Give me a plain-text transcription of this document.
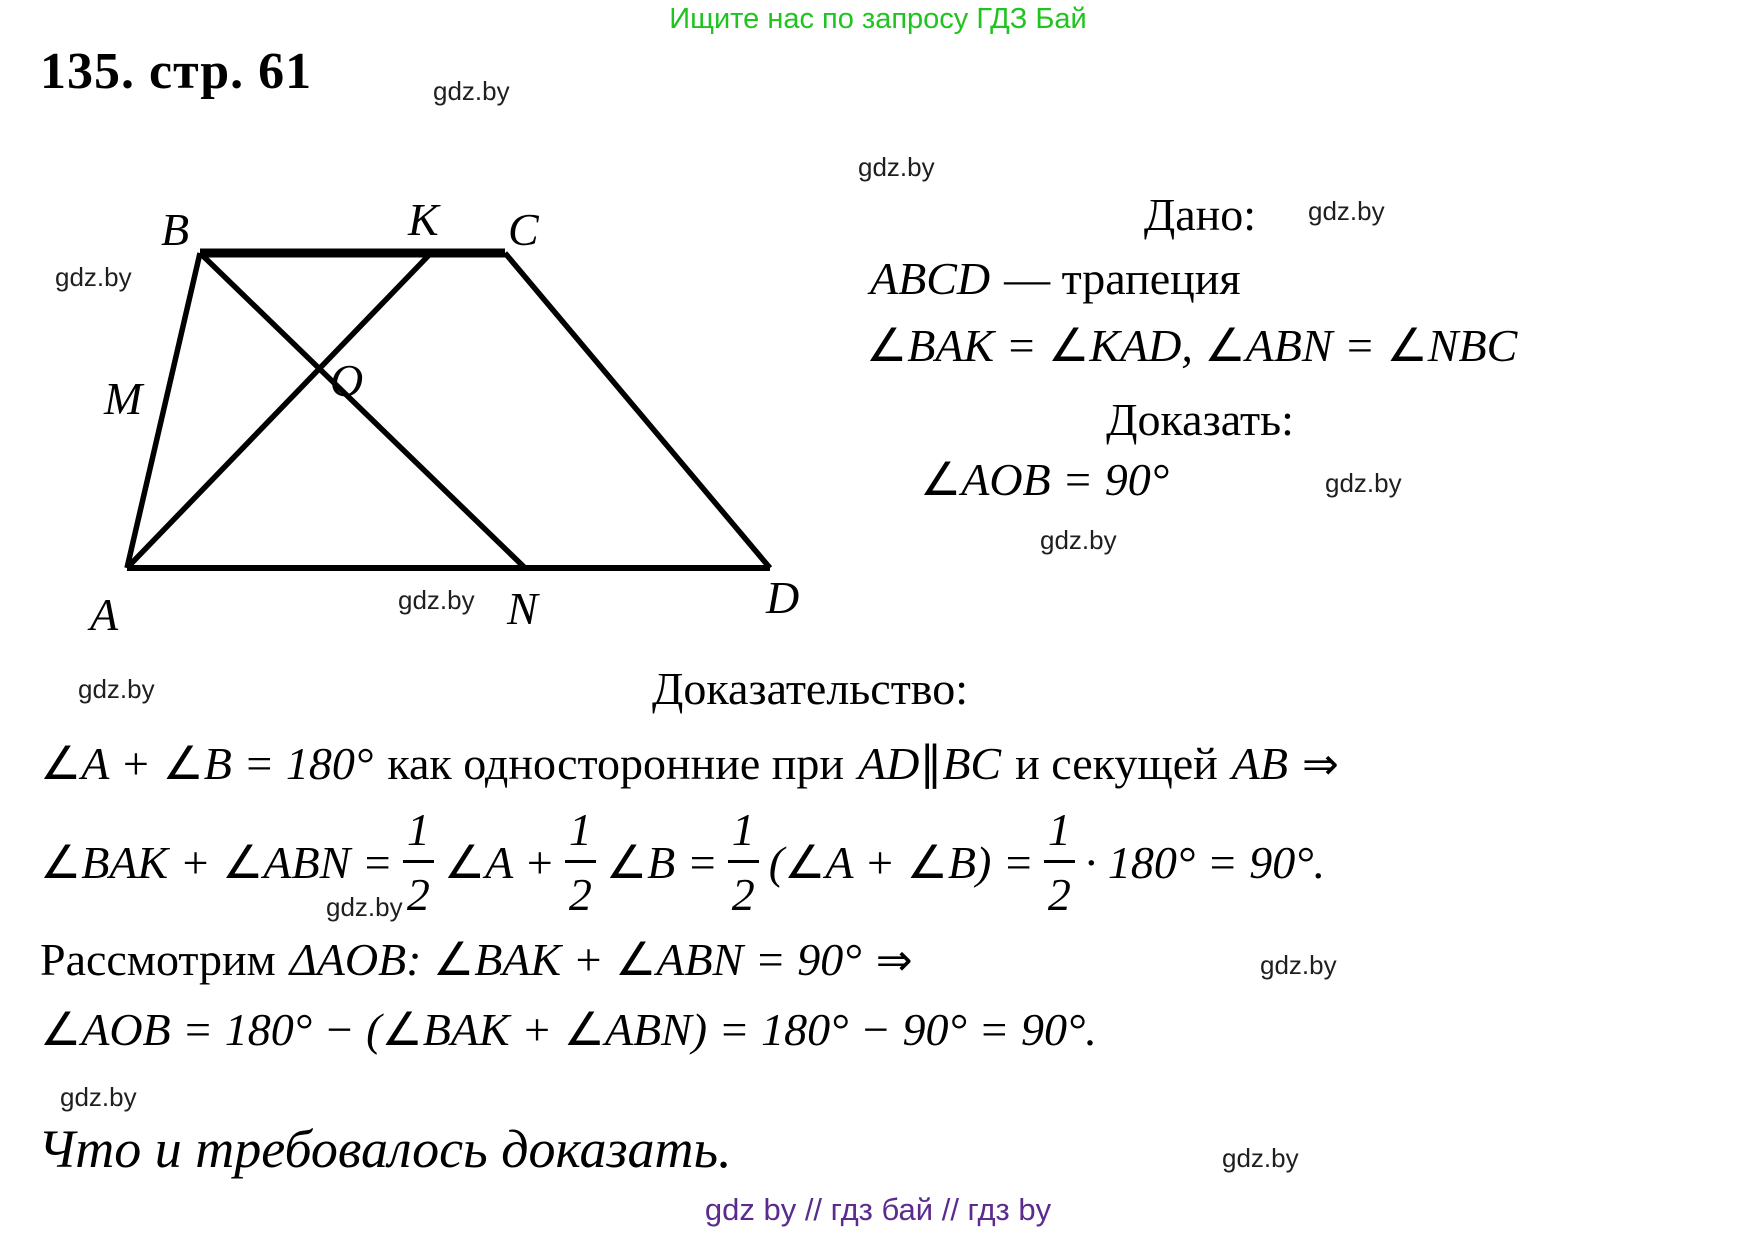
Ищите нас по запросу ГДЗ Бай
135. стр. 61	gdz.by
gdz.by
gdz.by
gdz.by
gdz.by
gdz.by
gdz.by
gdz.by
gdz.by
gdz.by
gdz.by
gdz.by
A
B	C
D
K
M
N
O
Дано:
ABCD — трапеция
∠BAK = ∠KAD, ∠ABN = ∠NBC
Доказать:
∠AOB = 90°
Доказательство:
∠A + ∠B = 180° как односторонние при AD∥BC и секущей AB ⇒
∠BAK + ∠ABN = $\frac{1}{2}$ ∠A + $\frac{1}{2}$ ∠B = $\frac{1}{2}$ (∠A + ∠B) = $\frac{1}{2} \cdot 180^\circ = 90^\circ$.
Рассмотрим ΔAOB: ∠BAK + ∠ABN = 90° ⇒
∠AOB = 180° − (∠BAK + ∠ABN) = 180° − 90° = 90°.
Что и требовалось доказать.
gdz by // гдз бай // гдз by
